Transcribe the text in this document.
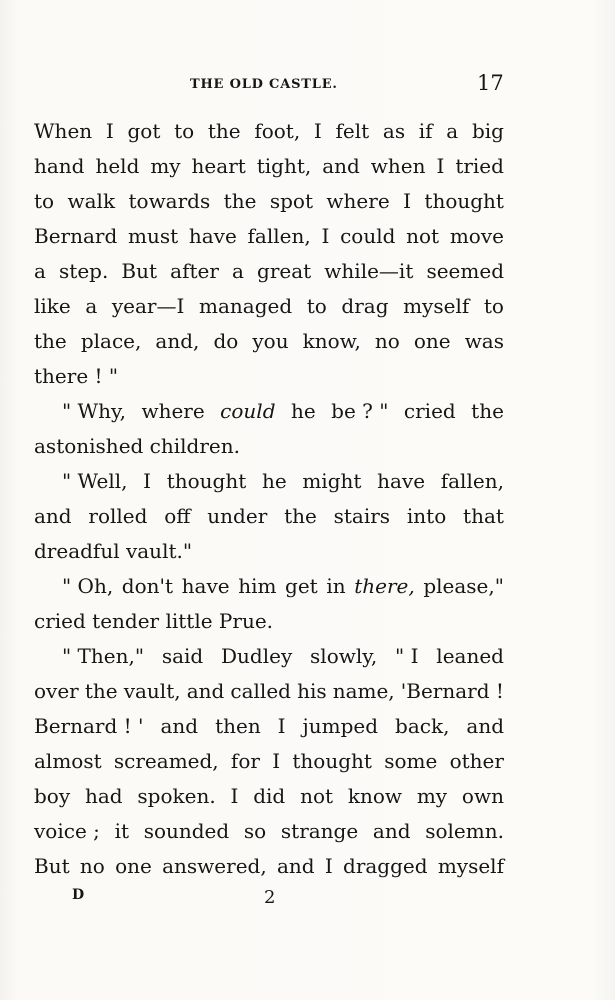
THE OLD CASTLE.	17
When I got to the foot, I felt as if a big
hand held my heart tight, and when I tried
to walk towards the spot where I thought
Bernard must have fallen, I could not move
a step. But after a great while—it seemed
like a year—I managed to drag myself to
the place, and, do you know, no one was
there ! "
" Why, where could he be ? " cried the
astonished children.
" Well, I thought he might have fallen,
and rolled off under the stairs into that
dreadful vault."
" Oh, don't have him get in there, please,"
cried tender little Prue.
" Then," said Dudley slowly, " I leaned
over the vault, and called his name, 'Bernard !
Bernard ! ' and then I jumped back, and
almost screamed, for I thought some other
boy had spoken. I did not know my own
voice ; it sounded so strange and solemn.
But no one answered, and I dragged myself
D	2
